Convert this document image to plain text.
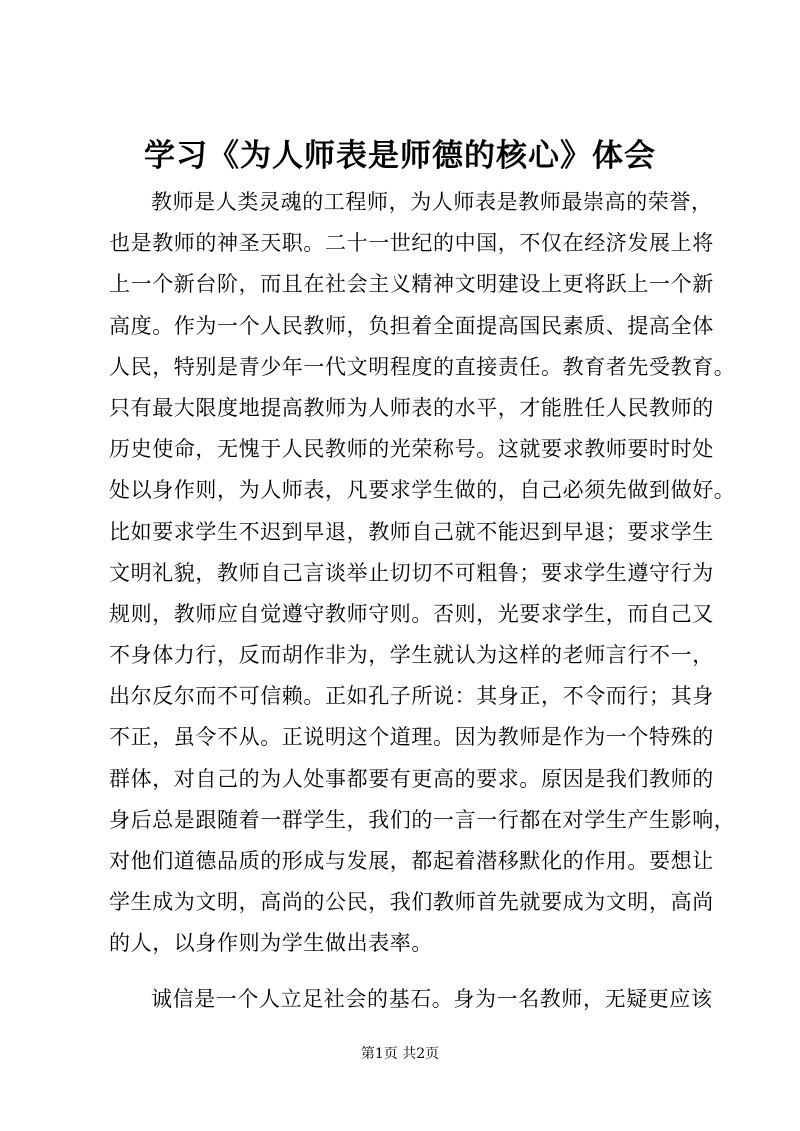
学习《为人师表是师德的核心》体会
教师是人类灵魂的工程师，为人师表是教师最崇高的荣誉，
也是教师的神圣天职。二十一世纪的中国，不仅在经济发展上将
上一个新台阶，而且在社会主义精神文明建设上更将跃上一个新
高度。作为一个人民教师，负担着全面提高国民素质、提高全体
人民，特别是青少年一代文明程度的直接责任。教育者先受教育。
只有最大限度地提高教师为人师表的水平，才能胜任人民教师的
历史使命，无愧于人民教师的光荣称号。这就要求教师要时时处
处以身作则，为人师表，凡要求学生做的，自己必须先做到做好。
比如要求学生不迟到早退，教师自己就不能迟到早退；要求学生
文明礼貌，教师自己言谈举止切切不可粗鲁；要求学生遵守行为
规则，教师应自觉遵守教师守则。否则，光要求学生，而自己又
不身体力行，反而胡作非为，学生就认为这样的老师言行不一，
出尔反尔而不可信赖。正如孔子所说：其身正，不令而行；其身
不正，虽令不从。正说明这个道理。因为教师是作为一个特殊的
群体，对自己的为人处事都要有更高的要求。原因是我们教师的
身后总是跟随着一群学生，我们的一言一行都在对学生产生影响，
对他们道德品质的形成与发展，都起着潜移默化的作用。要想让
学生成为文明，高尚的公民，我们教师首先就要成为文明，高尚
的人，以身作则为学生做出表率。
诚信是一个人立足社会的基石。身为一名教师，无疑更应该
第1页 共2页
